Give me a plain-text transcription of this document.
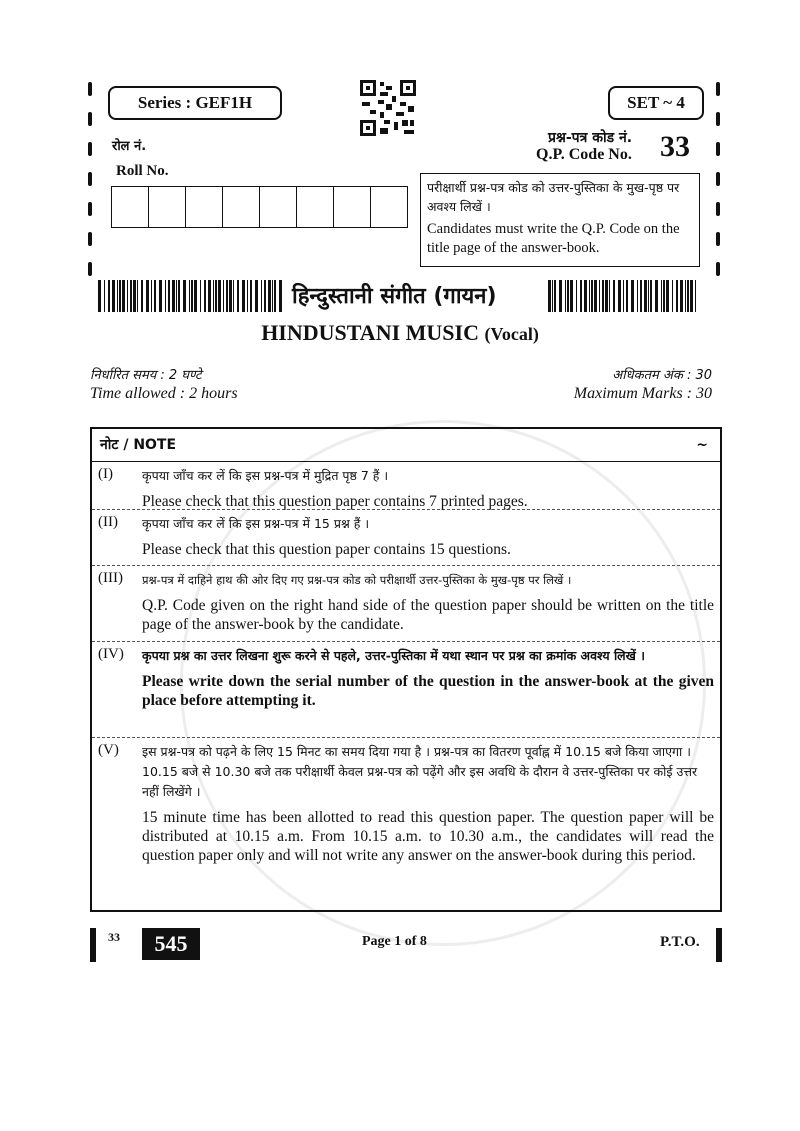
Series : GEF1H	SET ~ 4
रोल नं.
Roll No.
प्रश्न-पत्र कोड नं.
Q.P. Code No. 33
परीक्षार्थी प्रश्न-पत्र कोड को उत्तर-पुस्तिका के मुख-पृष्ठ पर अवश्य लिखें ।
Candidates must write the Q.P. Code on the title page of the answer-book.
हिन्दुस्तानी संगीत (गायन)
HINDUSTANI MUSIC (Vocal)
निर्धारित समय : 2 घण्टे
Time allowed : 2 hours
अधिकतम अंक : 30
Maximum Marks : 30
नोट / NOTE	~
(I) कृपया जाँच कर लें कि इस प्रश्न-पत्र में मुद्रित पृष्ठ 7 हैं ।

Please check that this question paper contains 7 printed pages.

(II) कृपया जाँच कर लें कि इस प्रश्न-पत्र में 15 प्रश्न हैं ।

Please check that this question paper contains 15 questions.

(III) प्रश्न-पत्र में दाहिने हाथ की ओर दिए गए प्रश्न-पत्र कोड को परीक्षार्थी उत्तर-पुस्तिका के मुख-पृष्ठ पर लिखें ।

Q.P. Code given on the right hand side of the question paper should be written on the title page of the answer-book by the candidate.

(IV) कृपया प्रश्न का उत्तर लिखना शुरू करने से पहले, उत्तर-पुस्तिका में यथा स्थान पर प्रश्न का क्रमांक अवश्य लिखें ।

Please write down the serial number of the question in the answer-book at the given place before attempting it.

(V) इस प्रश्न-पत्र को पढ़ने के लिए 15 मिनट का समय दिया गया है । प्रश्न-पत्र का वितरण पूर्वाह्न में 10.15 बजे किया जाएगा । 10.15 बजे से 10.30 बजे तक परीक्षार्थी केवल प्रश्न-पत्र को पढ़ेंगे और इस अवधि के दौरान वे उत्तर-पुस्तिका पर कोई उत्तर नहीं लिखेंगे ।

15 minute time has been allotted to read this question paper. The question paper will be distributed at 10.15 a.m. From 10.15 a.m. to 10.30 a.m., the candidates will read the question paper only and will not write any answer on the answer-book during this period.

33	545	Page 1 of 8	P.T.O.
